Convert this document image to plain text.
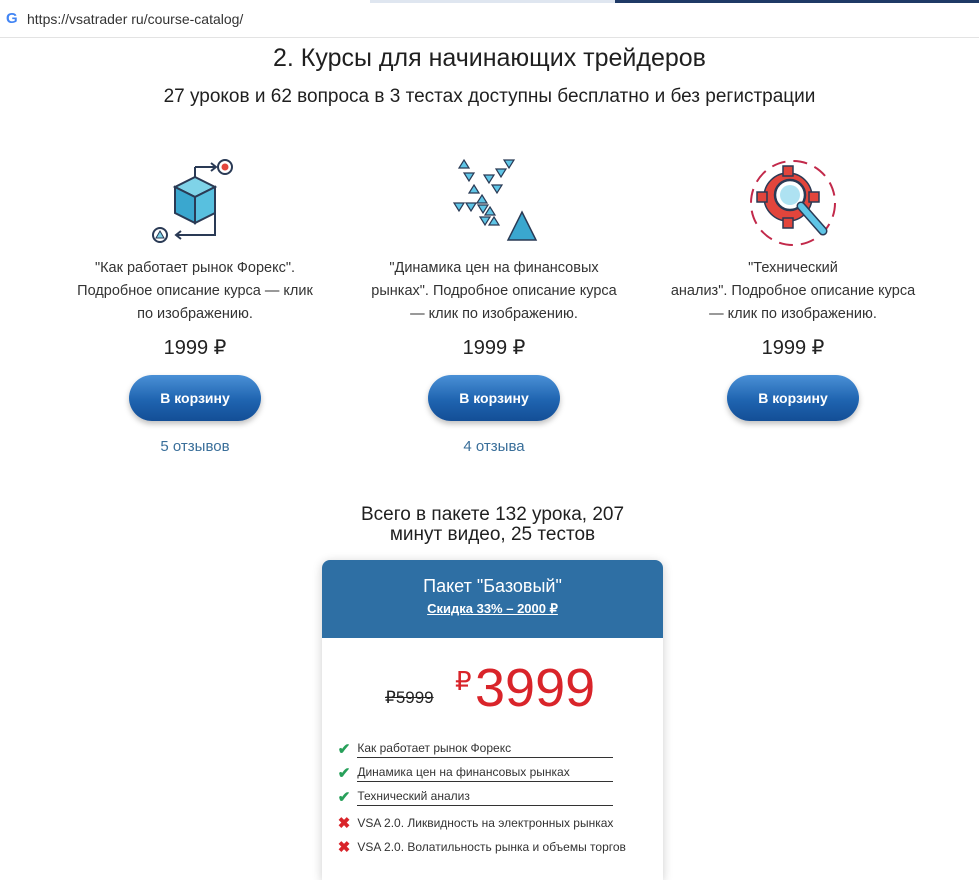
G https://vsatrader ru/course-catalog/
2. Курсы для начинающих трейдеров
27 уроков и 62 вопроса в 3 тестах доступны бесплатно и без регистрации
"Как работает рынок Форекс".
Подробное описание курса — клик
по изображению.
1999 ₽
В корзину
5 отзывов
"Динамика цен на финансовых
рынках". Подробное описание курса
— клик по изображению.
1999 ₽
В корзину
4 отзыва
"Технический
анализ". Подробное описание курса
— клик по изображению.
1999 ₽
В корзину
Всего в пакете 132 урока, 207
минут видео, 25 тестов
Пакет "Базовый"
Скидка 33% – 2000 ₽
₽5999
₽ 3999
✔ Как работает рынок Форекс
✔ Динамика цен на финансовых рынках
✔ Технический анализ
✖ VSA 2.0. Ликвидность на электронных рынках
✖ VSA 2.0. Волатильность рынка и объемы торгов
